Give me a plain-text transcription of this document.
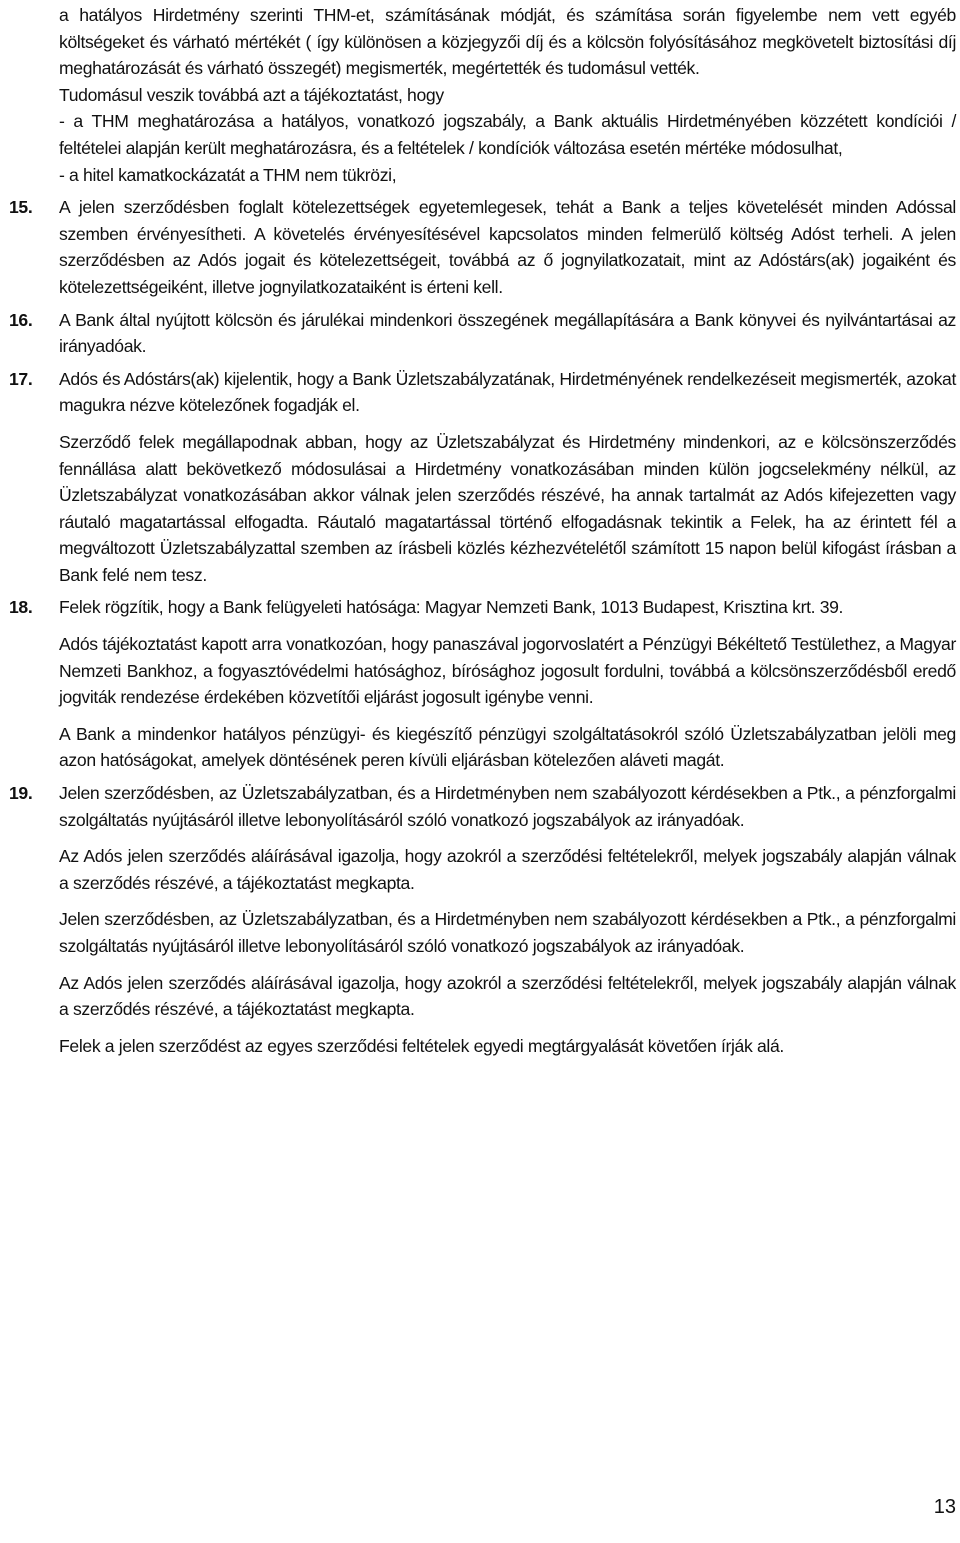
a hatályos Hirdetmény szerinti THM-et, számításának módját, és számítása során figyelembe nem vett egyéb költségeket és várható mértékét ( így különösen a közjegyzői díj és a kölcsön folyósításához megkövetelt biztosítási díj meghatározását és várható összegét) megismerték, megértették és tudomásul vették.

Tudomásul veszik továbbá azt a tájékoztatást, hogy

- a THM meghatározása a hatályos, vonatkozó jogszabály, a Bank aktuális Hirdetményében közzétett kondíciói / feltételei alapján került meghatározásra, és a feltételek / kondíciók változása esetén mértéke módosulhat,

- a hitel kamatkockázatát a THM nem tükrözi,

15. A jelen szerződésben foglalt kötelezettségek egyetemlegesek, tehát a Bank a teljes követelését minden Adóssal szemben érvényesítheti. A követelés érvényesítésével kapcsolatos minden felmerülő költség Adóst terheli. A jelen szerződésben az Adós jogait és kötelezettségeit, továbbá az ő jognyilatkozatait, mint az Adóstárs(ak) jogaiként és kötelezettségeiként, illetve jognyilatkozataiként is érteni kell.

16. A Bank által nyújtott kölcsön és járulékai mindenkori összegének megállapítására a Bank könyvei és nyilvántartásai az irányadóak.

17. Adós és Adóstárs(ak) kijelentik, hogy a Bank Üzletszabályzatának, Hirdetményének rendelkezéseit megismerték, azokat magukra nézve kötelezőnek fogadják el.

Szerződő felek megállapodnak abban, hogy az Üzletszabályzat és Hirdetmény mindenkori, az e kölcsönszerződés fennállása alatt bekövetkező módosulásai a Hirdetmény vonatkozásában minden külön jogcselekmény nélkül, az Üzletszabályzat vonatkozásában akkor válnak jelen szerződés részévé, ha annak tartalmát az Adós kifejezetten vagy ráutaló magatartással elfogadta. Ráutaló magatartással történő elfogadásnak tekintik a Felek, ha az érintett fél a megváltozott Üzletszabályzattal szemben az írásbeli közlés kézhezvételétől számított 15 napon belül kifogást írásban a Bank felé nem tesz.

18. Felek rögzítik, hogy a Bank felügyeleti hatósága: Magyar Nemzeti Bank, 1013 Budapest, Krisztina krt. 39.

Adós tájékoztatást kapott arra vonatkozóan, hogy panaszával jogorvoslatért a Pénzügyi Békéltető Testülethez, a Magyar Nemzeti Bankhoz, a fogyasztóvédelmi hatósághoz, bírósághoz jogosult fordulni, továbbá a kölcsönszerződésből eredő jogviták rendezése érdekében közvetítői eljárást jogosult igénybe venni.

A Bank a mindenkor hatályos pénzügyi- és kiegészítő pénzügyi szolgáltatásokról szóló Üzletszabályzatban jelöli meg azon hatóságokat, amelyek döntésének peren kívüli eljárásban kötelezően aláveti magát.

19. Jelen szerződésben, az Üzletszabályzatban, és a Hirdetményben nem szabályozott kérdésekben a Ptk., a pénzforgalmi szolgáltatás nyújtásáról illetve lebonyolításáról szóló vonatkozó jogszabályok az irányadóak.

Az Adós jelen szerződés aláírásával igazolja, hogy azokról a szerződési feltételekről, melyek jogszabály alapján válnak a szerződés részévé, a tájékoztatást megkapta.

Jelen szerződésben, az Üzletszabályzatban, és a Hirdetményben nem szabályozott kérdésekben a Ptk., a pénzforgalmi szolgáltatás nyújtásáról illetve lebonyolításáról szóló vonatkozó jogszabályok az irányadóak.

Az Adós jelen szerződés aláírásával igazolja, hogy azokról a szerződési feltételekről, melyek jogszabály alapján válnak a szerződés részévé, a tájékoztatást megkapta.

Felek a jelen szerződést az egyes szerződési feltételek egyedi megtárgyalását követően írják alá.

13
